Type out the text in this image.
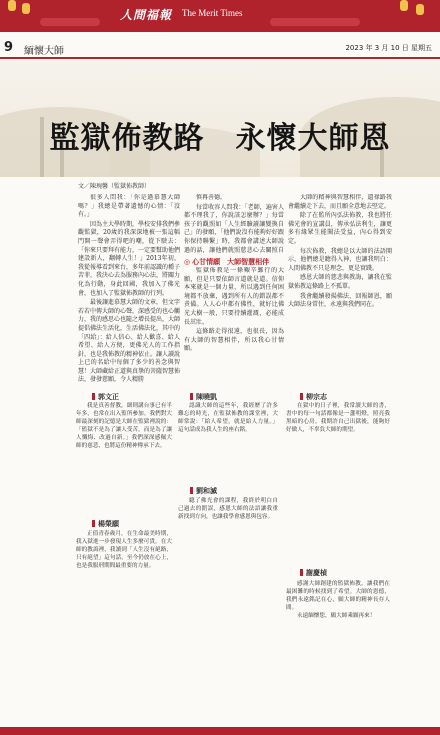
人間福報 The Merit Times
9 緬懷大師	2023 年 3 月 10 日 星期五
監獄佈教路　永懷大師恩
文／陳琬馨（監獄佈教師）

很多人問我：「你是過慕慧大師嗎？」我總是帶著遺憾的心情：「沒有。」

因為主大學時期，學校安排我們參觀監獄，20歲的我深深地被一張這幅門開一聲會弄得吧的嘲，從下駛去：「你來只要拜有能力，一定要幫助他們建設新人，翻轉人生！」2013年初，我從報導看到來台，多年前認識的種子苦菲，我決心去為服務內心法，將關力化為行動，身此回國，我加入了佛光會，也加入了監獄佈教師的行列。

最後讓進慕慧大師的文章，但文字若若中傳大師的心聲，深感受的也心觸力，我的感思心也隨之增長提出，大師提倡佛法生活化，生活佛法化，其中的「四給」：給人信心、給人歡喜、給人希望、給人方便，更佛光人的工作指針，也是我佈教的精神依止。讓人讀說上已的名給中每個了多少的善念與智慧！大師藏給正道與真摯的菩薩智慧佈法，發發慈願，令人精勝

慎再善德。

每當收容人問我：「老師，遍害人都不理我了，你說該怎麼辦？」每當孩子的觀照如「人生經驗讀讓變換自己」的發願，「他們說沒有能夠好好跟你保持聯繫」時，我都會講述大師說過的話，讓他們就照慈悲心去關照自

◎ 心甘情願　大師智慧相伴

監獄佈教是一條艱辛難行的大願，但是只要依師言道就是道。信仰本來就是一個力量，所以遇到任何困境都不放棄，遇到所有人的錯誤都不責備。人人心中都有佛性，就好比佛光大樹一般，只要持續灌溉，必能成長茁壯。

這條路走得很遠，也很長，因為有大師的智慧相伴，所以我心甘情願。

大師的精神與智慧相伴，遺祿路我會繼續走下去，而且願全意地去堅定。

除了在監所內弘法佈教，我也將任佛光會的宣講員，傳承弘法利生，讓更多有緣眾生能聞法受益，內心得到安定。

每次佈教，我總是以大師的法語開示，他們總是聽得入神，也讓我明白：人間佛教不只是理念，更是實踐。

感恩大師的慈悲與教誨，讓我在監獄佈教這條路上不孤單。

我會繼續發揚佛法，回報師恩，願大師法身常住，永遠與我們同在。

郭文正

我是真善督教，細則講台事已有半年多，也常在出入監所參加。我們對大師最深刻的記憶是大師在監獄裡說的：「監獄不是為了讓人受苦，而是為了讓人懺悔、改過自新。」我們深深感佩大師的慈悲，也將這份精神傳承下去。

楊榮願

正值青春歲月，在生命最美時期，我入獄進一步發現人生多麼可貴。在大師的教誨裡，我讀到「人生沒有絕路，只有絕望」這句話，至今仍放在心上，也是我服刑期間最重要的力量。

陳曉凱

認識大師的這些年，我經歷了許多難忘的時光，在監獄佈教的課堂裡，大師常說：「給人希望，就是給人力量。」這句話成為我人生的座右銘。

劉和滅

聽了佛光會的課程，我終於明白自己過去的錯誤，感恩大師的法語讓我重新找到方向，也讓我學會感恩與包容。

柳宗志

在獄中的日子裡，我常讀大師的書，書中的每一句話都像是一盞明燈，照亮我黑暗的心房。我期許自己出獄後，能夠好好做人，不辜負大師的期望。

謝慶楨

感謝大師創建的監獄佈教，讓我們在最困難的時候找到了希望。大師的恩德，我們永遠銘記在心，願大師的精神長存人間。

永遠緬懷您，願大師乘願再來！
